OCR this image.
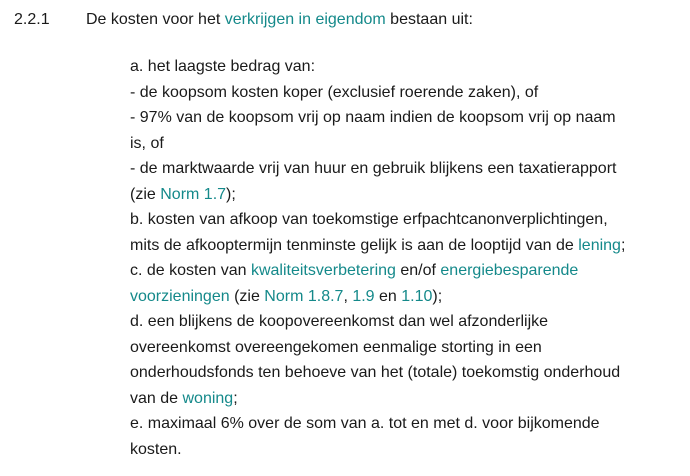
2.2.1 De kosten voor het verkrijgen in eigendom bestaan uit:
a. het laagste bedrag van:
- de koopsom kosten koper (exclusief roerende zaken), of
- 97% van de koopsom vrij op naam indien de koopsom vrij op naam
is, of
- de marktwaarde vrij van huur en gebruik blijkens een taxatierapport
(zie Norm 1.7);
b. kosten van afkoop van toekomstige erfpachtcanonverplichtingen,
mits de afkooptermijn tenminste gelijk is aan de looptijd van de lening;
c. de kosten van kwaliteitsverbetering en/of energiebesparende
voorzieningen (zie Norm 1.8.7, 1.9 en 1.10);
d. een blijkens de koopovereenkomst dan wel afzonderlijke
overeenkomst overeengekomen eenmalige storting in een
onderhoudsfonds ten behoeve van het (totale) toekomstig onderhoud
van de woning;
e. maximaal 6% over de som van a. tot en met d. voor bijkomende
kosten.
